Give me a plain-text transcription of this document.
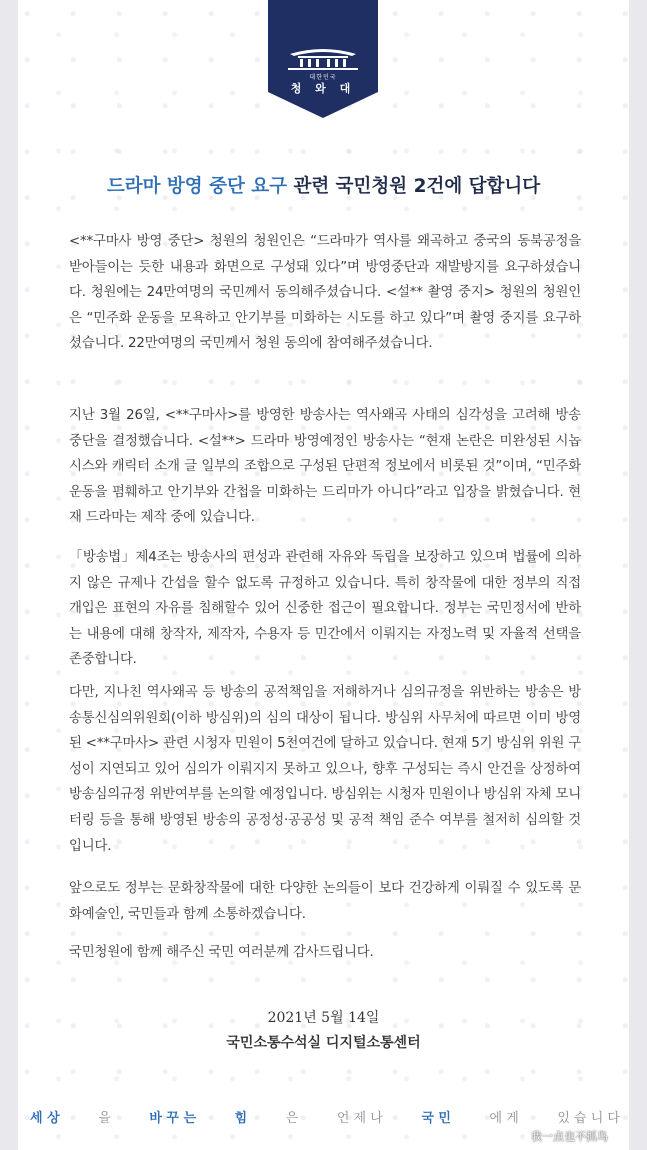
대한민국
청 와 대
드라마 방영 중단 요구 관련 국민청원 2건에 답합니다

<**구마사 방영 중단> 청원의 청원인은 “드라마가 역사를 왜곡하고 중국의 동북공정을 받아들이는 듯한 내용과 화면으로 구성돼 있다”며 방영중단과 재발방지를 요구하셨습니다. 청원에는 24만여명의 국민께서 동의해주셨습니다. <설** 촬영 중지> 청원의 청원인은 “민주화 운동을 모욕하고 안기부를 미화하는 시도를 하고 있다”며 촬영 중지를 요구하셨습니다. 22만여명의 국민께서 청원 동의에 참여해주셨습니다.

지난 3월 26일, <**구마사>를 방영한 방송사는 역사왜곡 사태의 심각성을 고려해 방송 중단을 결정했습니다. <설**> 드라마 방영예정인 방송사는 “현재 논란은 미완성된 시놉시스와 캐릭터 소개 글 일부의 조합으로 구성된 단편적 정보에서 비롯된 것”이며, “민주화운동을 폄훼하고 안기부와 간첩을 미화하는 드리마가 아니다”라고 입장을 밝혔습니다. 현재 드라마는 제작 중에 있습니다.

「방송법」제4조는 방송사의 편성과 관련해 자유와 독립을 보장하고 있으며 법률에 의하지 않은 규제나 간섭을 할수 없도록 규정하고 있습니다. 특히 창작물에 대한 정부의 직접 개입은 표현의 자유를 침해할수 있어 신중한 접근이 필요합니다. 정부는 국민정서에 반하는 내용에 대해 창작자, 제작자, 수용자 등 민간에서 이뤄지는 자정노력 및 자율적 선택을 존중합니다.

다만, 지나친 역사왜곡 등 방송의 공적책임을 저해하거나 심의규정을 위반하는 방송은 방송통신심의위원회(이하 방심위)의 심의 대상이 됩니다. 방심위 사무처에 따르면 이미 방영된 <**구마사> 관련 시청자 민원이 5천여건에 달하고 있습니다. 현재 5기 방심위 위원 구성이 지연되고 있어 심의가 이뤄지지 못하고 있으나, 향후 구성되는 즉시 안건을 상정하여 방송심의규정 위반여부를 논의할 예정입니다. 방심위는 시청자 민원이나 방심위 자체 모니터링 등을 통해 방영된 방송의 공정성·공공성 및 공적 책임 준수 여부를 철저히 심의할 것입니다.

앞으로도 정부는 문화창작물에 대한 다양한 논의들이 보다 건강하게 이뤄질 수 있도록 문화예술인, 국민들과 함께 소통하겠습니다.

국민청원에 함께 해주신 국민 여러분께 감사드립니다.

2021년 5월 14일
국민소통수석실 디지털소통센터
세 상	을	바 꾸 는	힘	은	언 제 나	국 민	에 게	있 습 니 다
我一点也不抓鸟
